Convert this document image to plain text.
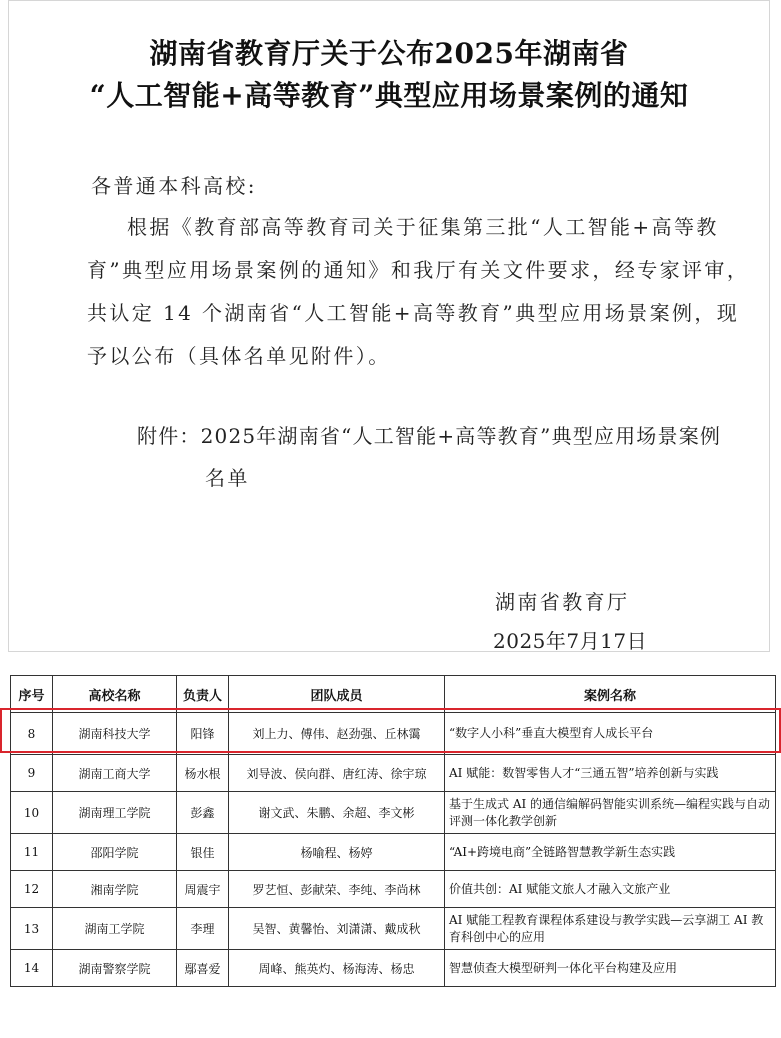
湖南省教育厅关于公布2025年湖南省
“人工智能+高等教育”典型应用场景案例的通知
各普通本科高校:
根据《教育部高等教育司关于征集第三批“人工智能+高等教
育”典型应用场景案例的通知》和我厅有关文件要求，经专家评审，
共认定 14 个湖南省“人工智能+高等教育”典型应用场景案例，现
予以公布（具体名单见附件）。
附件：2025年湖南省“人工智能+高等教育”典型应用场景案例
名单
湖南省教育厅
2025年7月17日
序号	高校名称	负责人	团队成员	案例名称
8	湖南科技大学	阳锋	刘上力、傅伟、赵劲强、丘林霭	“数字人小科”垂直大模型育人成长平台
9	湖南工商大学	杨水根	刘导波、侯向群、唐红涛、徐宇琼	AI 赋能：数智零售人才“三通五智”培养创新与实践
10	湖南理工学院	彭鑫	谢文武、朱鹏、余超、李文彬	基于生成式 AI 的通信编解码智能实训系统—编程实践与自动评测一体化教学创新
11	邵阳学院	银佳	杨喻程、杨婷	“AI+跨境电商”全链路智慧教学新生态实践
12	湘南学院	周震宇	罗艺恒、彭献荣、李纯、李尚林	价值共创：AI 赋能文旅人才融入文旅产业
13	湖南工学院	李理	吴智、黄馨怡、刘潇潇、戴成秋	AI 赋能工程教育课程体系建设与教学实践—云享湖工 AI 教育科创中心的应用
14	湖南警察学院	鄢喜爱	周峰、熊英灼、杨海涛、杨忠	智慧侦查大模型研判一体化平台构建及应用
